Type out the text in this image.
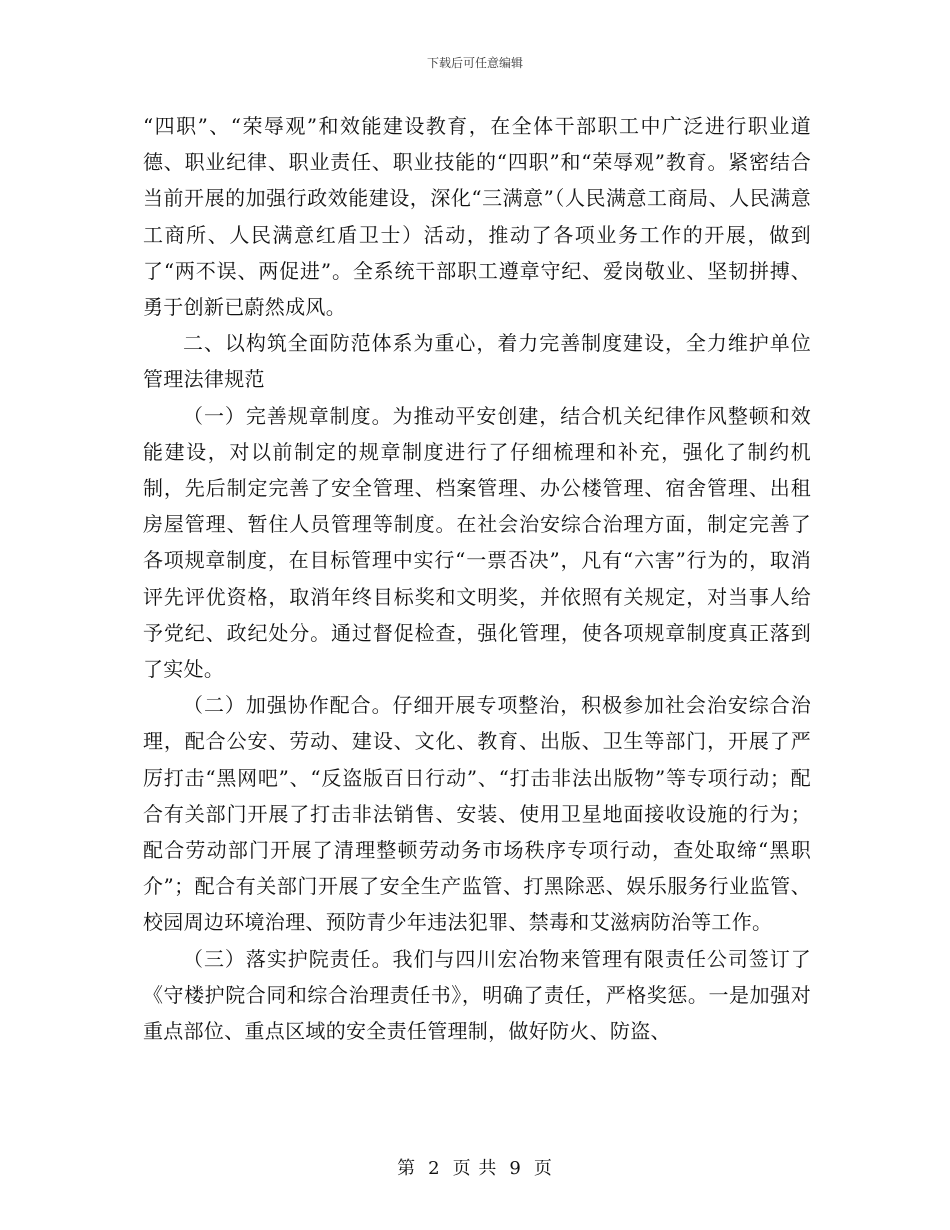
下载后可任意编辑

“四职”、“荣辱观”和效能建设教育，在全体干部职工中广泛进行职业道德、职业纪律、职业责任、职业技能的“四职”和“荣辱观”教育。紧密结合当前开展的加强行政效能建设，深化“三满意”（人民满意工商局、人民满意工商所、人民满意红盾卫士）活动，推动了各项业务工作的开展，做到了“两不误、两促进”。全系统干部职工遵章守纪、爱岗敬业、坚韧拼搏、勇于创新已蔚然成风。

二、以构筑全面防范体系为重心，着力完善制度建设，全力维护单位管理法律规范

（一）完善规章制度。为推动平安创建，结合机关纪律作风整顿和效能建设，对以前制定的规章制度进行了仔细梳理和补充，强化了制约机制，先后制定完善了安全管理、档案管理、办公楼管理、宿舍管理、出租房屋管理、暂住人员管理等制度。在社会治安综合治理方面，制定完善了各项规章制度，在目标管理中实行“一票否决”，凡有“六害”行为的，取消评先评优资格，取消年终目标奖和文明奖，并依照有关规定，对当事人给予党纪、政纪处分。通过督促检查，强化管理，使各项规章制度真正落到了实处。

（二）加强协作配合。仔细开展专项整治，积极参加社会治安综合治理，配合公安、劳动、建设、文化、教育、出版、卫生等部门，开展了严厉打击“黑网吧”、“反盗版百日行动”、“打击非法出版物”等专项行动；配合有关部门开展了打击非法销售、安装、使用卫星地面接收设施的行为；配合劳动部门开展了清理整顿劳动务市场秩序专项行动，查处取缔“黑职介”；配合有关部门开展了安全生产监管、打黑除恶、娱乐服务行业监管、校园周边环境治理、预防青少年违法犯罪、禁毒和艾滋病防治等工作。

（三）落实护院责任。我们与四川宏冶物来管理有限责任公司签订了《守楼护院合同和综合治理责任书》，明确了责任，严格奖惩。一是加强对重点部位、重点区域的安全责任管理制，做好防火、防盗、

第 2 页 共 9 页
